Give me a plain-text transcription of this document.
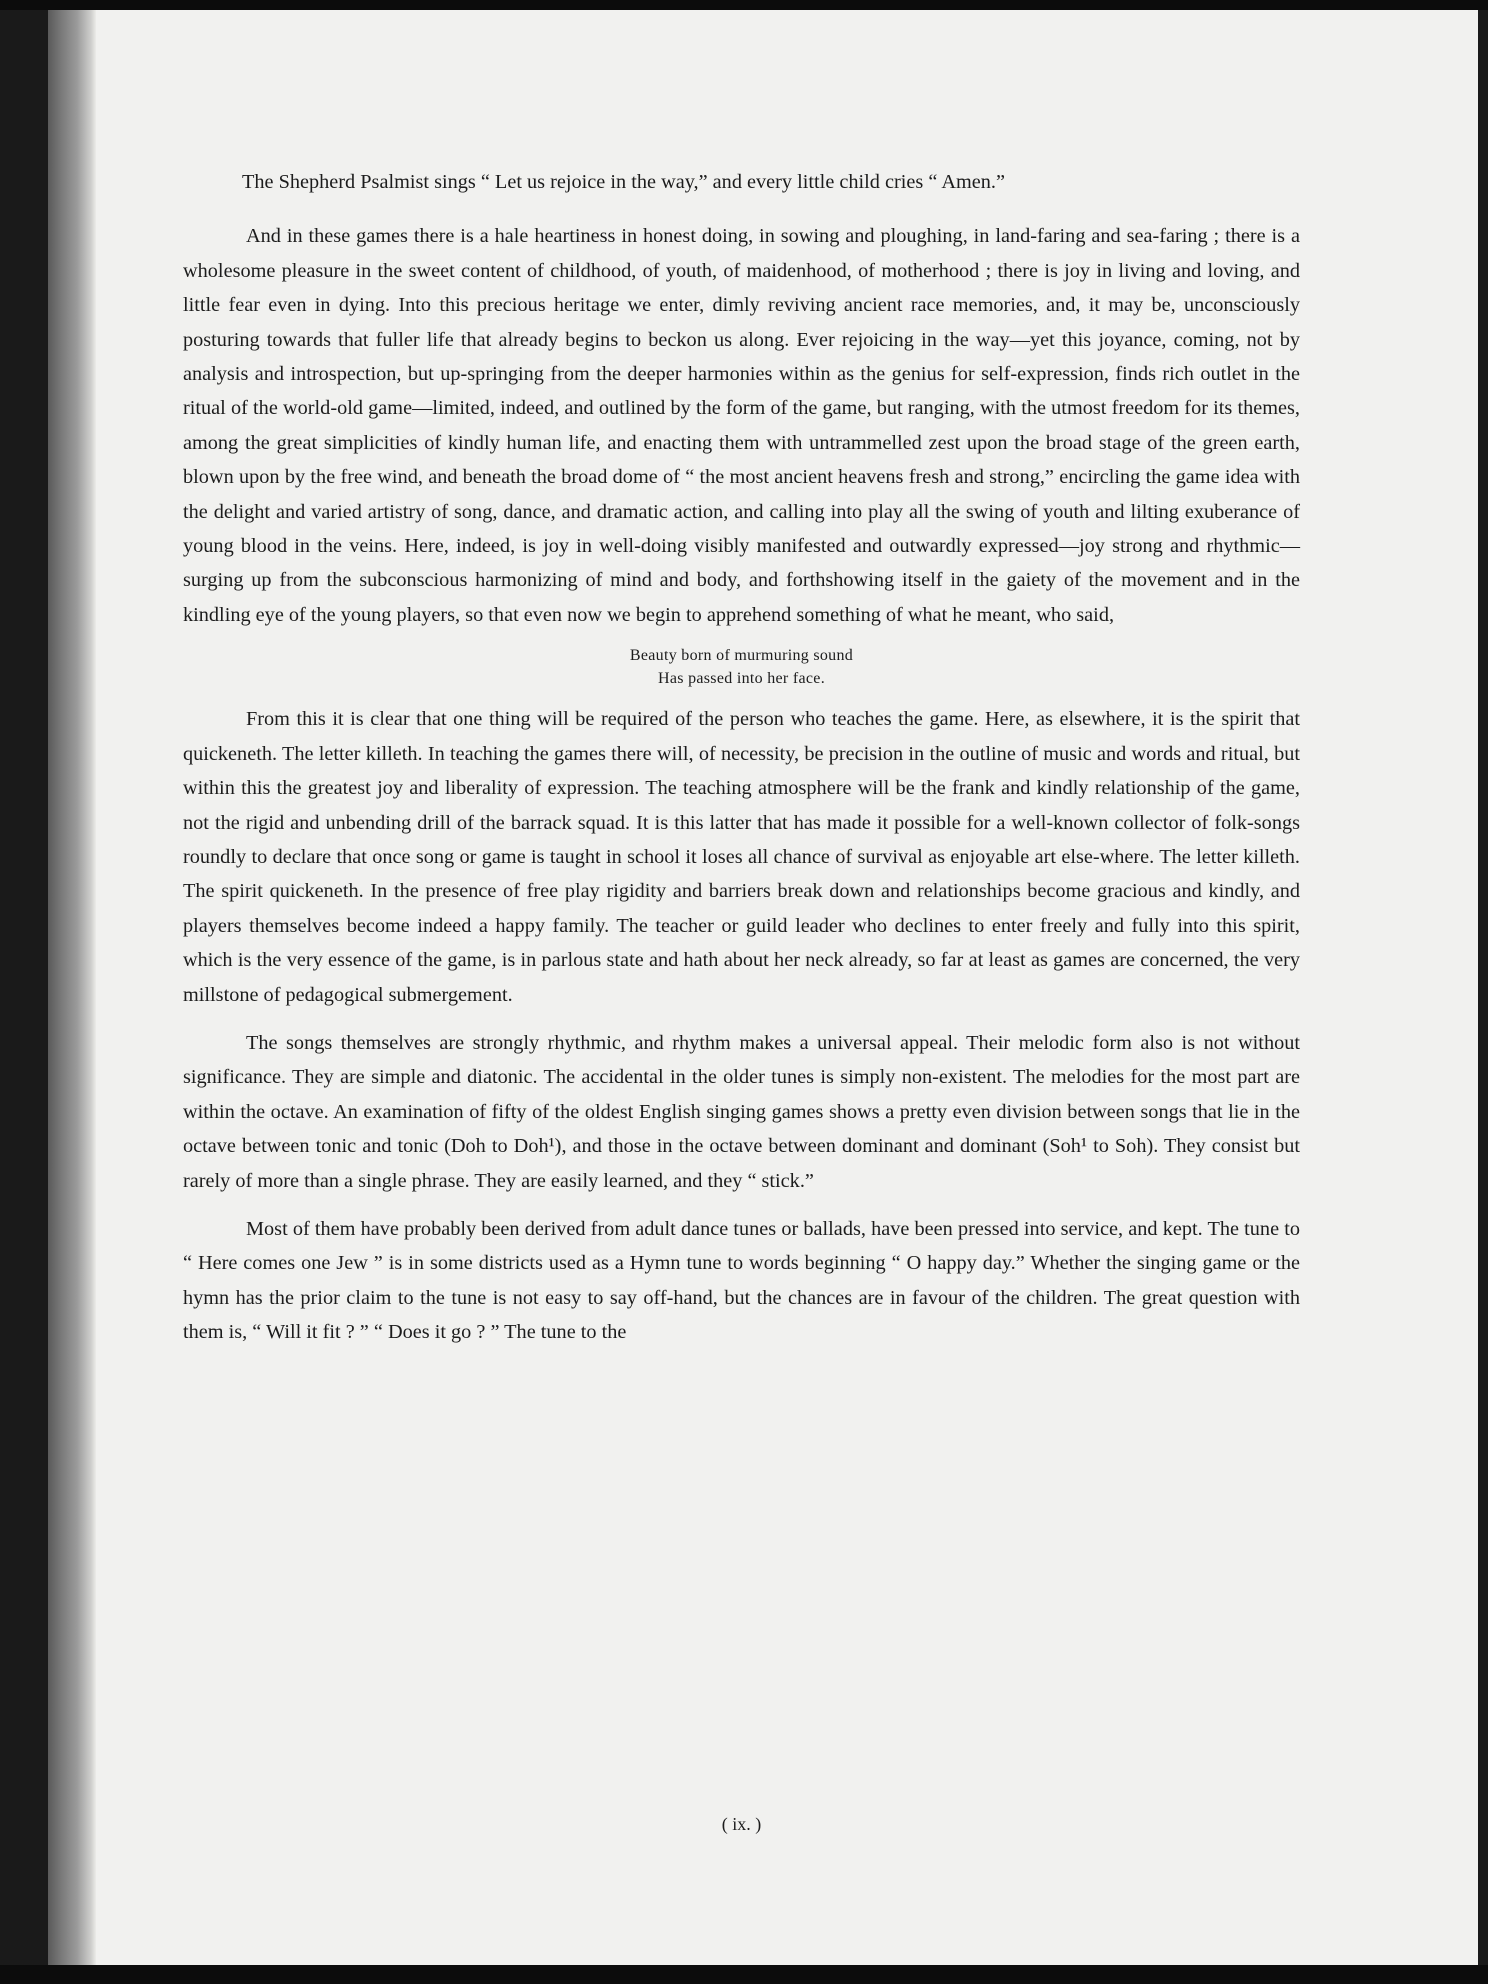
The Shepherd Psalmist sings “ Let us rejoice in the way,” and every little child cries “ Amen.”

And in these games there is a hale heartiness in honest doing, in sowing and ploughing, in land-faring and sea-faring ; there is a wholesome pleasure in the sweet content of childhood, of youth, of maidenhood, of motherhood ; there is joy in living and loving, and little fear even in dying. Into this precious heritage we enter, dimly reviving ancient race memories, and, it may be, unconsciously posturing towards that fuller life that already begins to beckon us along. Ever rejoicing in the way—yet this joyance, coming, not by analysis and introspection, but up-springing from the deeper harmonies within as the genius for self-expression, finds rich outlet in the ritual of the world-old game—limited, indeed, and outlined by the form of the game, but ranging, with the utmost freedom for its themes, among the great simplicities of kindly human life, and enacting them with untrammelled zest upon the broad stage of the green earth, blown upon by the free wind, and beneath the broad dome of “ the most ancient heavens fresh and strong,” encircling the game idea with the delight and varied artistry of song, dance, and dramatic action, and calling into play all the swing of youth and lilting exuberance of young blood in the veins. Here, indeed, is joy in well-doing visibly manifested and outwardly expressed—joy strong and rhythmic—surging up from the subconscious harmonizing of mind and body, and forthshowing itself in the gaiety of the movement and in the kindling eye of the young players, so that even now we begin to apprehend something of what he meant, who said,

Beauty born of murmuring sound
Has passed into her face.

From this it is clear that one thing will be required of the person who teaches the game. Here, as elsewhere, it is the spirit that quickeneth. The letter killeth. In teaching the games there will, of necessity, be precision in the outline of music and words and ritual, but within this the greatest joy and liberality of expression. The teaching atmosphere will be the frank and kindly relationship of the game, not the rigid and unbending drill of the barrack squad. It is this latter that has made it possible for a well-known collector of folk-songs roundly to declare that once song or game is taught in school it loses all chance of survival as enjoyable art else-where. The letter killeth. The spirit quickeneth. In the presence of free play rigidity and barriers break down and relationships become gracious and kindly, and players themselves become indeed a happy family. The teacher or guild leader who declines to enter freely and fully into this spirit, which is the very essence of the game, is in parlous state and hath about her neck already, so far at least as games are concerned, the very millstone of pedagogical submergement.

The songs themselves are strongly rhythmic, and rhythm makes a universal appeal. Their melodic form also is not without significance. They are simple and diatonic. The accidental in the older tunes is simply non-existent. The melodies for the most part are within the octave. An examination of fifty of the oldest English singing games shows a pretty even division between songs that lie in the octave between tonic and tonic (Doh to Doh¹), and those in the octave between dominant and dominant (Soh¹ to Soh). They consist but rarely of more than a single phrase. They are easily learned, and they “ stick.”

Most of them have probably been derived from adult dance tunes or ballads, have been pressed into service, and kept. The tune to “ Here comes one Jew ” is in some districts used as a Hymn tune to words beginning “ O happy day.” Whether the singing game or the hymn has the prior claim to the tune is not easy to say off-hand, but the chances are in favour of the children. The great question with them is, “ Will it fit ? ” “ Does it go ? ” The tune to the

( ix. )
